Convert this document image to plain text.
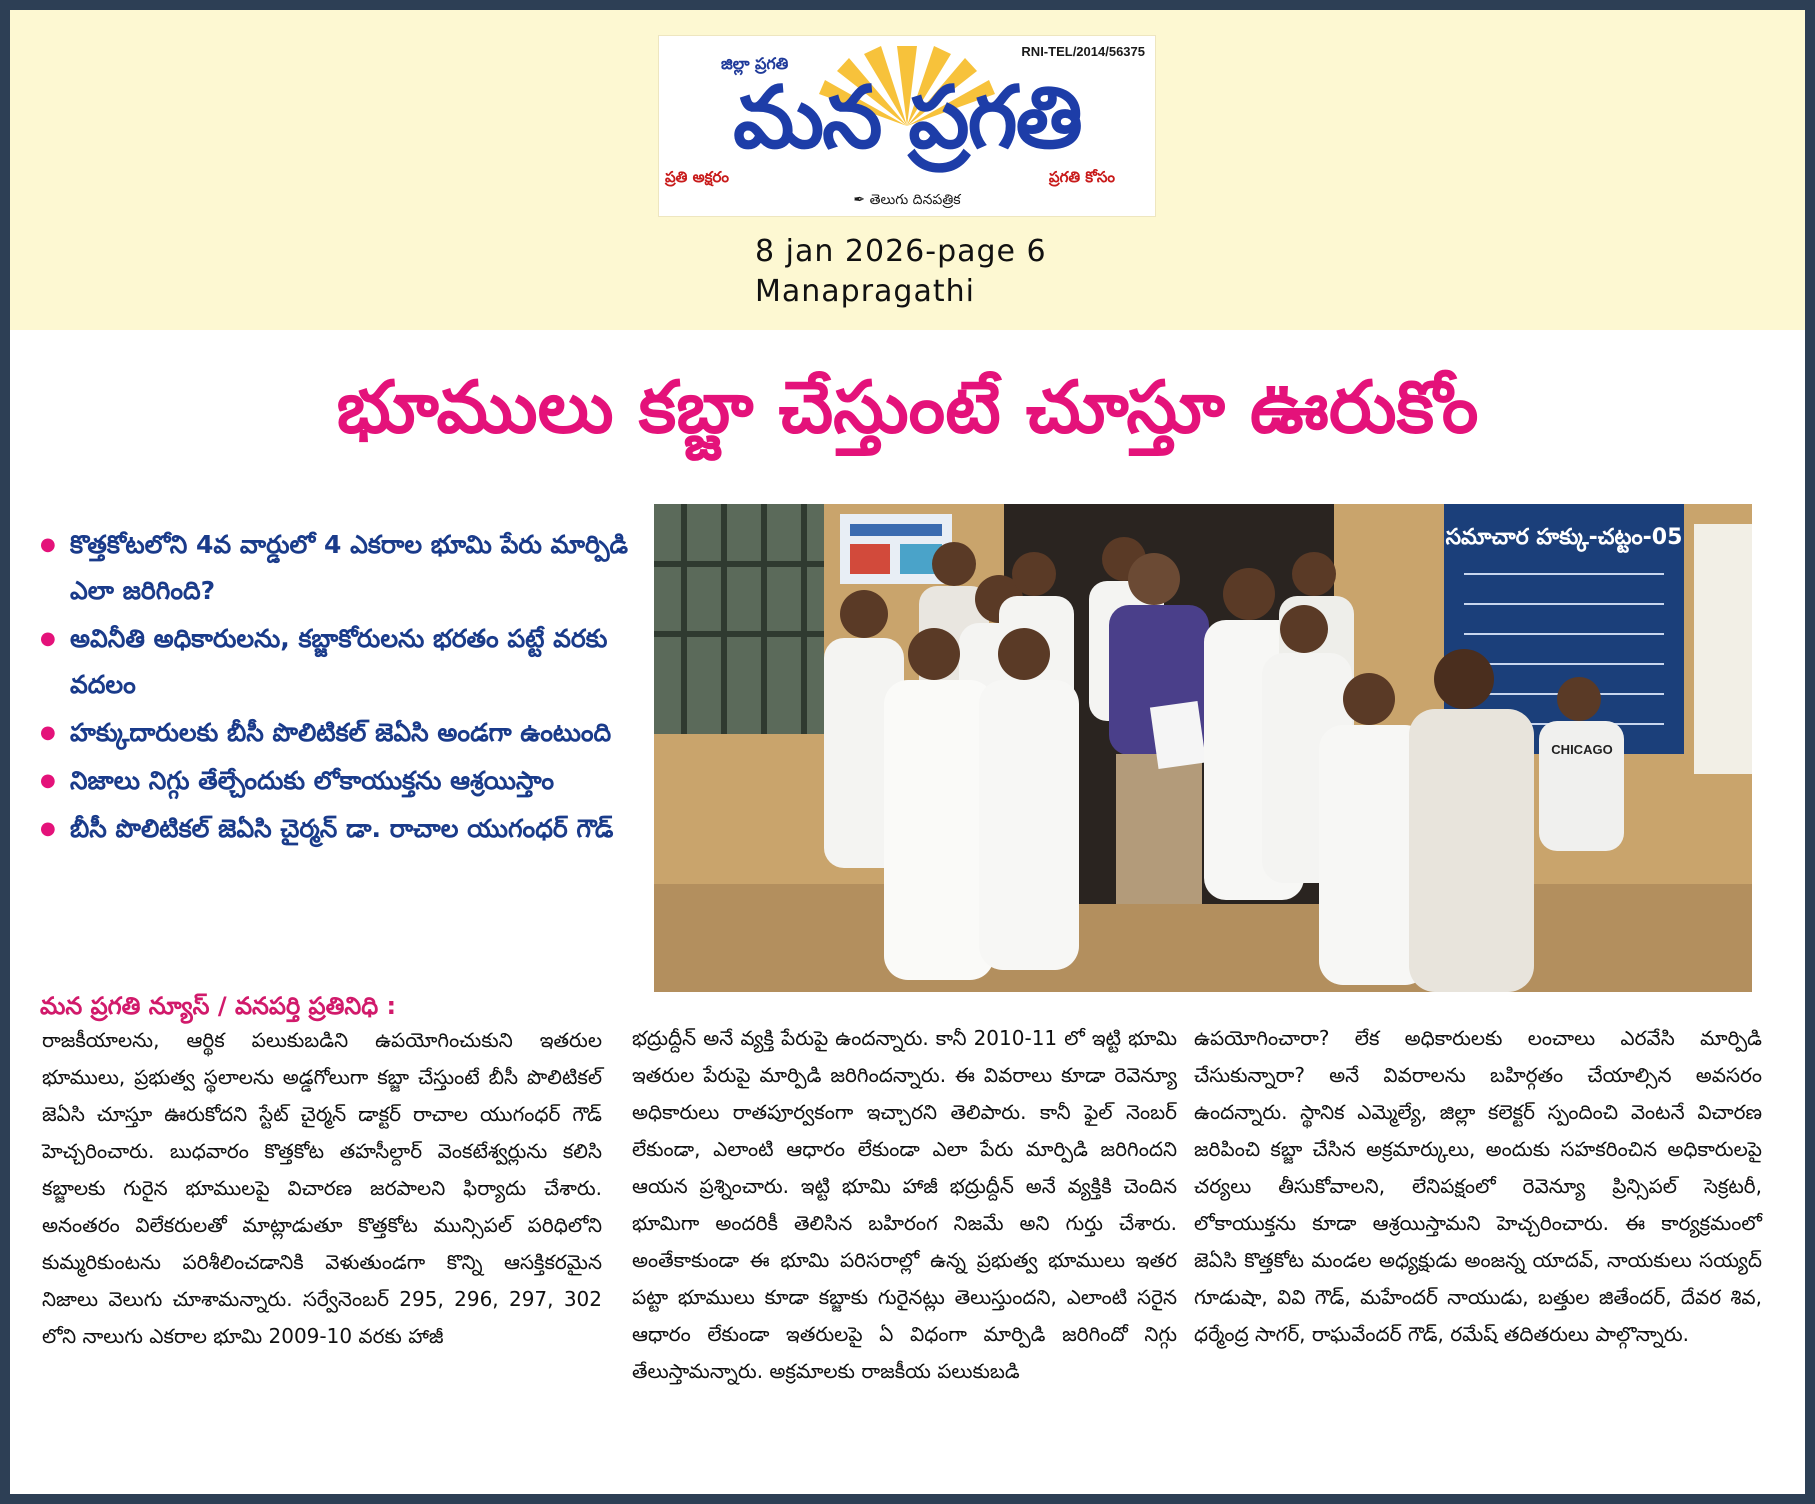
RNI-TEL/2014/56375
జిల్లా ప్రగతి
మన ప్రగతి
ప్రతి అక్షరం	ప్రగతి కోసం
✒ తెలుగు దినపత్రిక
8 jan 2026-page 6
Manapragathi
భూములు కబ్జా చేస్తుంటే చూస్తూ ఊరుకోం
● కొత్తకోటలోని 4వ వార్డులో 4 ఎకరాల భూమి పేరు మార్పిడి ఎలా జరిగింది?
● అవినీతి అధికారులను, కబ్జాకోరులను భరతం పట్టే వరకు వదలం
● హక్కుదారులకు బీసీ పొలిటికల్ జెఏసి అండగా ఉంటుంది
● నిజాలు నిగ్గు తేల్చేందుకు లోకాయుక్తను ఆశ్రయిస్తాం
● బీసీ పొలిటికల్ జెఏసి చైర్మన్ డా. రాచాల యుగంధర్ గౌడ్
సమాచార హక్కు-చట్టం-05
CHICAGO
మన ప్రగతి న్యూస్ / వనపర్తి ప్రతినిధి :

రాజకీయాలను, ఆర్థిక పలుకుబడిని ఉపయోగించుకుని ఇతరుల భూములు, ప్రభుత్వ స్థలాలను అడ్డగోలుగా కబ్జా చేస్తుంటే బీసీ పొలిటికల్ జెఏసి చూస్తూ ఊరుకోదని స్టేట్ చైర్మన్ డాక్టర్ రాచాల యుగంధర్ గౌడ్ హెచ్చరించారు. బుధవారం కొత్తకోట తహసీల్దార్ వెంకటేశ్వర్లును కలిసి కబ్జాలకు గురైన భూములపై విచారణ జరపాలని ఫిర్యాదు చేశారు. అనంతరం విలేకరులతో మాట్లాడుతూ కొత్తకోట మున్సిపల్ పరిధిలోని కుమ్మరికుంటను పరిశీలించడానికి వెళుతుండగా కొన్ని ఆసక్తికరమైన నిజాలు వెలుగు చూశామన్నారు. సర్వేనెంబర్ 295, 296, 297, 302 లోని నాలుగు ఎకరాల భూమి 2009-10 వరకు హాజీ

భద్రుద్దీన్ అనే వ్యక్తి పేరుపై ఉందన్నారు. కానీ 2010-11 లో ఇట్టి భూమి ఇతరుల పేరుపై మార్పిడి జరిగిందన్నారు. ఈ వివరాలు కూడా రెవెన్యూ అధికారులు రాతపూర్వకంగా ఇచ్చారని తెలిపారు. కానీ ఫైల్ నెంబర్ లేకుండా, ఎలాంటి ఆధారం లేకుండా ఎలా పేరు మార్పిడి జరిగిందని ఆయన ప్రశ్నించారు. ఇట్టి భూమి హాజీ భద్రుద్దీన్ అనే వ్యక్తికి చెందిన భూమిగా అందరికీ తెలిసిన బహిరంగ నిజమే అని గుర్తు చేశారు. అంతేకాకుండా ఈ భూమి పరిసరాల్లో ఉన్న ప్రభుత్వ భూములు ఇతర పట్టా భూములు కూడా కబ్జాకు గురైనట్లు తెలుస్తుందని, ఎలాంటి సరైన ఆధారం లేకుండా ఇతరులపై ఏ విధంగా మార్పిడి జరిగిందో నిగ్గు తేలుస్తామన్నారు. అక్రమాలకు రాజకీయ పలుకుబడి

ఉపయోగించారా? లేక అధికారులకు లంచాలు ఎరవేసి మార్పిడి చేసుకున్నారా? అనే వివరాలను బహిర్గతం చేయాల్సిన అవసరం ఉందన్నారు. స్థానిక ఎమ్మెల్యే, జిల్లా కలెక్టర్ స్పందించి వెంటనే విచారణ జరిపించి కబ్జా చేసిన అక్రమార్కులు, అందుకు సహకరించిన అధికారులపై చర్యలు తీసుకోవాలని, లేనిపక్షంలో రెవెన్యూ ప్రిన్సిపల్ సెక్రటరీ, లోకాయుక్తను కూడా ఆశ్రయిస్తామని హెచ్చరించారు. ఈ కార్యక్రమంలో జెఏసి కొత్తకోట మండల అధ్యక్షుడు అంజన్న యాదవ్, నాయకులు సయ్యద్ గూడుషా, వివి గౌడ్, మహేందర్ నాయుడు, బత్తుల జితేందర్, దేవర శివ, ధర్మేంద్ర సాగర్, రాఘవేందర్ గౌడ్, రమేష్ తదితరులు పాల్గొన్నారు.
